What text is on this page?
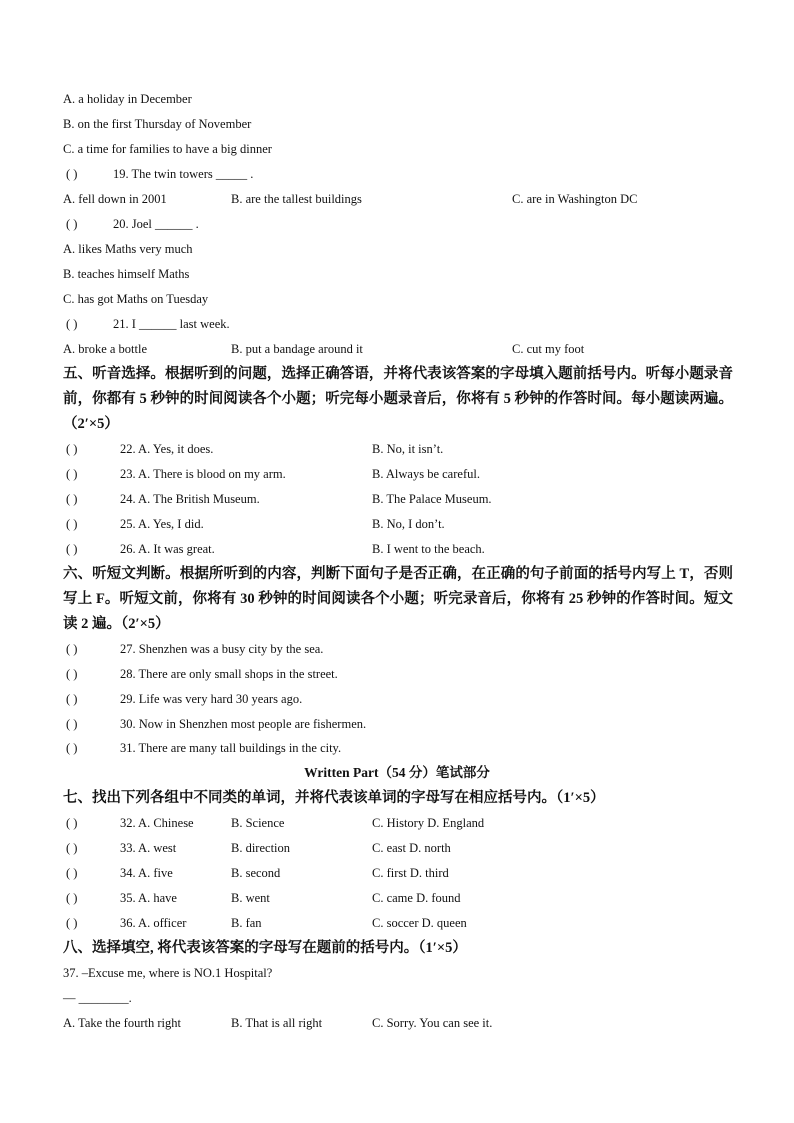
A. a holiday in December
B. on the first Thursday of November
C. a time for families to have a big dinner
( )	19. The twin towers _____ .
A. fell down in 2001	B. are the tallest buildings	C. are in Washington DC
( )	20. Joel ______ .
A. likes Maths very much
B. teaches himself Maths
C. has got Maths on Tuesday
( )	21. I ______ last week.
A. broke a bottle	B. put a bandage around it	C. cut my foot
五、听音选择。根据听到的问题，选择正确答语，并将代表该答案的字母填入题前括号内。听每小题录音前，你都有 5 秒钟的时间阅读各个小题；听完每小题录音后，你将有 5 秒钟的作答时间。每小题读两遍。（2′×5）
( )	22. A. Yes, it does.	B. No, it isn’t.
( )	23. A. There is blood on my arm.	B. Always be careful.
( )	24. A. The British Museum.	B. The Palace Museum.
( )	25. A. Yes, I did.	B. No, I don’t.
( )	26. A. It was great.	B. I went to the beach.
六、听短文判断。根据所听到的内容，判断下面句子是否正确，在正确的句子前面的括号内写上 T，否则写上 F。听短文前，你将有 30 秒钟的时间阅读各个小题；听完录音后，你将有 25 秒钟的作答时间。短文读 2 遍。（2′×5）
( )	27. Shenzhen was a busy city by the sea.
( )	28. There are only small shops in the street.
( )	29. Life was very hard 30 years ago.
( )	30. Now in Shenzhen most people are fishermen.
( )	31. There are many tall buildings in the city.
Written Part（54 分）笔试部分
七、找出下列各组中不同类的单词，并将代表该单词的字母写在相应括号内。（1′×5）
( )	32. A. Chinese	B. Science	C. History D. England
( )	33. A. west	B. direction	C. east D. north
( )	34. A. five	B. second	C. first D. third
( )	35. A. have	B. went	C. came D. found
( )	36. A. officer	B. fan	C. soccer D. queen
八、选择填空, 将代表该答案的字母写在题前的括号内。（1′×5）
37. –Excuse me, where is NO.1 Hospital?
— ________.
A. Take the fourth right	B. That is all right	C. Sorry. You can see it.
